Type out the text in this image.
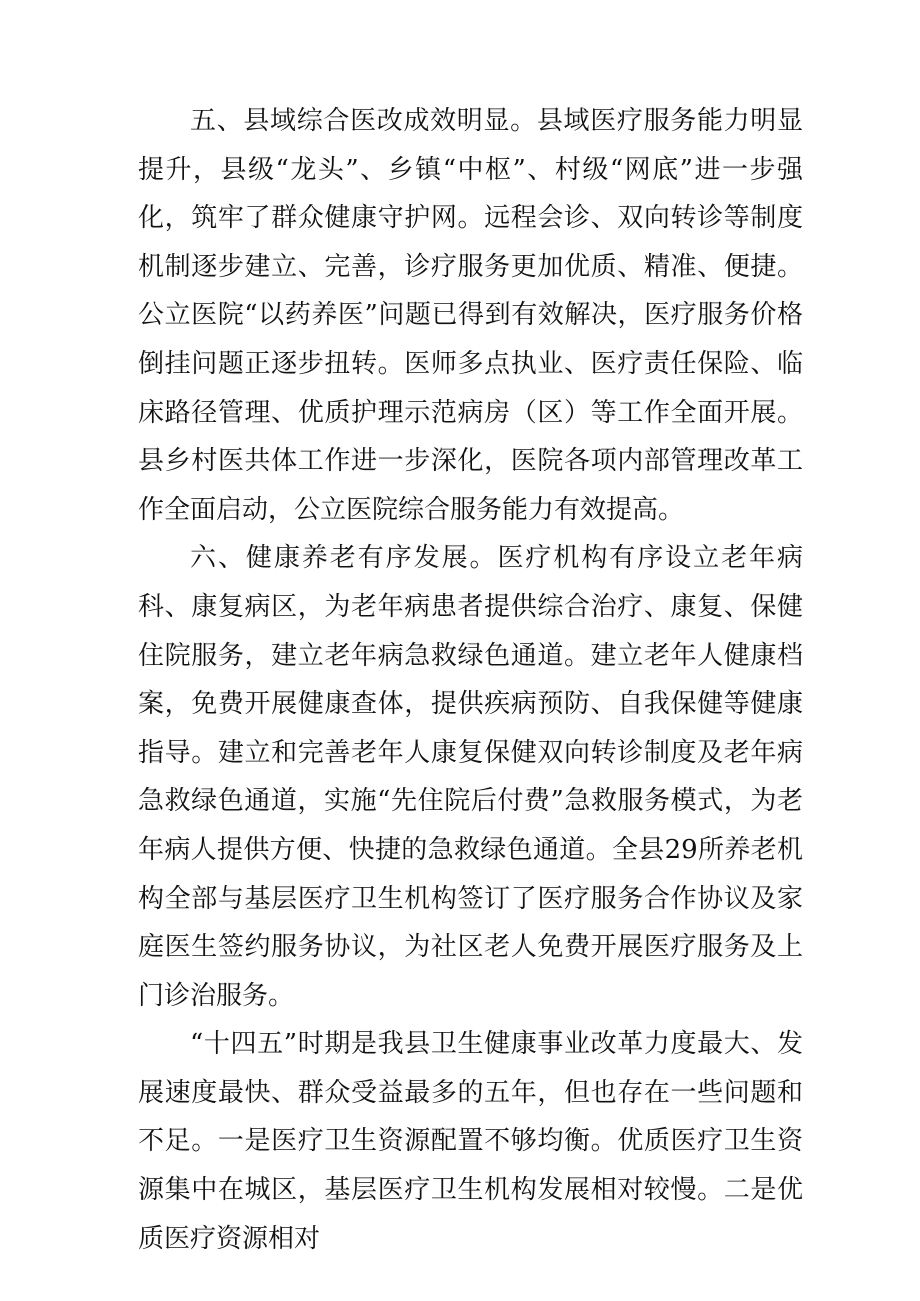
五、县域综合医改成效明显。县域医疗服务能力明显提升，县级“龙头”、乡镇“中枢”、村级“网底”进一步强化，筑牢了群众健康守护网。远程会诊、双向转诊等制度机制逐步建立、完善，诊疗服务更加优质、精准、便捷。公立医院“以药养医”问题已得到有效解决，医疗服务价格倒挂问题正逐步扭转。医师多点执业、医疗责任保险、临床路径管理、优质护理示范病房（区）等工作全面开展。县乡村医共体工作进一步深化，医院各项内部管理改革工作全面启动，公立医院综合服务能力有效提高。

六、健康养老有序发展。医疗机构有序设立老年病科、康复病区，为老年病患者提供综合治疗、康复、保健住院服务，建立老年病急救绿色通道。建立老年人健康档案，免费开展健康查体，提供疾病预防、自我保健等健康指导。建立和完善老年人康复保健双向转诊制度及老年病急救绿色通道，实施“先住院后付费”急救服务模式，为老年病人提供方便、快捷的急救绿色通道。全县29所养老机构全部与基层医疗卫生机构签订了医疗服务合作协议及家庭医生签约服务协议，为社区老人免费开展医疗服务及上门诊治服务。

“十四五”时期是我县卫生健康事业改革力度最大、发展速度最快、群众受益最多的五年，但也存在一些问题和不足。一是医疗卫生资源配置不够均衡。优质医疗卫生资源集中在城区，基层医疗卫生机构发展相对较慢。二是优质医疗资源相对
